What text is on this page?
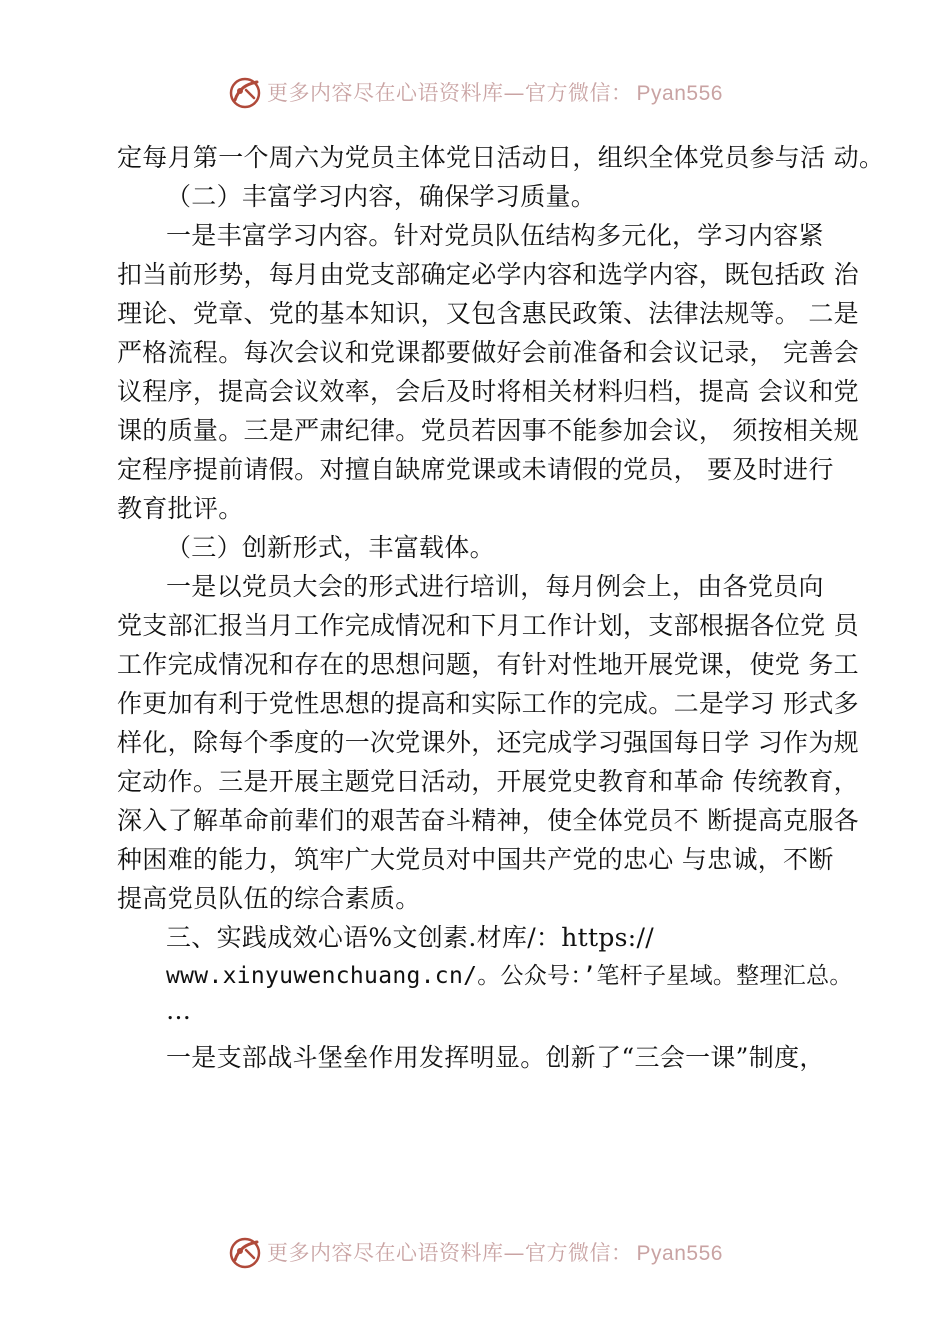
更多内容尽在心语资料库—官方微信： Pyan556
定每月第一个周六为党员主体党日活动日，组织全体党员参与活 动。
（二）丰富学习内容，确保学习质量。
一是丰富学习内容。针对党员队伍结构多元化，学习内容紧
扣当前形势，每月由党支部确定必学内容和选学内容，既包括政 治
理论、党章、党的基本知识，又包含惠民政策、法律法规等。 二是
严格流程。每次会议和党课都要做好会前准备和会议记录， 完善会
议程序，提高会议效率，会后及时将相关材料归档，提高 会议和党
课的质量。三是严肃纪律。党员若因事不能参加会议， 须按相关规
定程序提前请假。对擅自缺席党课或未请假的党员， 要及时进行
教育批评。
（三）创新形式，丰富载体。
一是以党员大会的形式进行培训，每月例会上，由各党员向
党支部汇报当月工作完成情况和下月工作计划，支部根据各位党 员
工作完成情况和存在的思想问题，有针对性地开展党课，使党 务工
作更加有利于党性思想的提高和实际工作的完成。二是学习 形式多
样化，除每个季度的一次党课外，还完成学习强国每日学 习作为规
定动作。三是开展主题党日活动，开展党史教育和革命 传统教育，
深入了解革命前辈们的艰苦奋斗精神，使全体党员不 断提高克服各
种困难的能力，筑牢广大党员对中国共产党的忠心 与忠诚，不断
提高党员队伍的综合素质。
三、实践成效心语%文创素.材库/：https://
www.xinyuwenchuang.cn/。公众号：’笔杆子星域。整理汇总。
…
一是支部战斗堡垒作用发挥明显。创新了“三会一课”制度，
更多内容尽在心语资料库—官方微信： Pyan556
